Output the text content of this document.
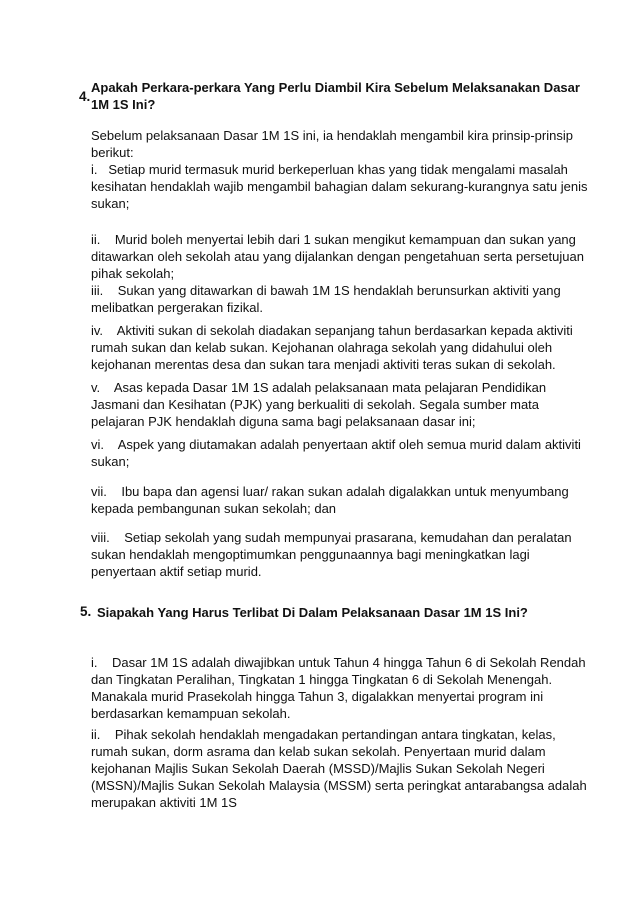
4.
Apakah Perkara-perkara Yang Perlu Diambil Kira Sebelum Melaksanakan Dasar 1M 1S Ini?
Sebelum pelaksanaan Dasar 1M 1S ini, ia hendaklah mengambil kira prinsip-prinsip berikut:
i. Setiap murid termasuk murid berkeperluan khas yang tidak mengalami masalah kesihatan hendaklah wajib mengambil bahagian dalam sekurang-kurangnya satu jenis sukan;
ii. Murid boleh menyertai lebih dari 1 sukan mengikut kemampuan dan sukan yang ditawarkan oleh sekolah atau yang dijalankan dengan pengetahuan serta persetujuan pihak sekolah;
iii. Sukan yang ditawarkan di bawah 1M 1S hendaklah berunsurkan aktiviti yang melibatkan pergerakan fizikal.
iv. Aktiviti sukan di sekolah diadakan sepanjang tahun berdasarkan kepada aktiviti rumah sukan dan kelab sukan. Kejohanan olahraga sekolah yang didahului oleh kejohanan merentas desa dan sukan tara menjadi aktiviti teras sukan di sekolah.
v. Asas kepada Dasar 1M 1S adalah pelaksanaan mata pelajaran Pendidikan Jasmani dan Kesihatan (PJK) yang berkualiti di sekolah. Segala sumber mata pelajaran PJK hendaklah diguna sama bagi pelaksanaan dasar ini;
vi. Aspek yang diutamakan adalah penyertaan aktif oleh semua murid dalam aktiviti sukan;
vii. Ibu bapa dan agensi luar/ rakan sukan adalah digalakkan untuk menyumbang kepada pembangunan sukan sekolah; dan
viii. Setiap sekolah yang sudah mempunyai prasarana, kemudahan dan peralatan sukan hendaklah mengoptimumkan penggunaannya bagi meningkatkan lagi penyertaan aktif setiap murid.
5. Siapakah Yang Harus Terlibat Di Dalam Pelaksanaan Dasar 1M 1S Ini?
i. Dasar 1M 1S adalah diwajibkan untuk Tahun 4 hingga Tahun 6 di Sekolah Rendah dan Tingkatan Peralihan, Tingkatan 1 hingga Tingkatan 6 di Sekolah Menengah. Manakala murid Prasekolah hingga Tahun 3, digalakkan menyertai program ini berdasarkan kemampuan sekolah.
ii. Pihak sekolah hendaklah mengadakan pertandingan antara tingkatan, kelas, rumah sukan, dorm asrama dan kelab sukan sekolah. Penyertaan murid dalam kejohanan Majlis Sukan Sekolah Daerah (MSSD)/Majlis Sukan Sekolah Negeri (MSSN)/Majlis Sukan Sekolah Malaysia (MSSM) serta peringkat antarabangsa adalah merupakan aktiviti 1M 1S
